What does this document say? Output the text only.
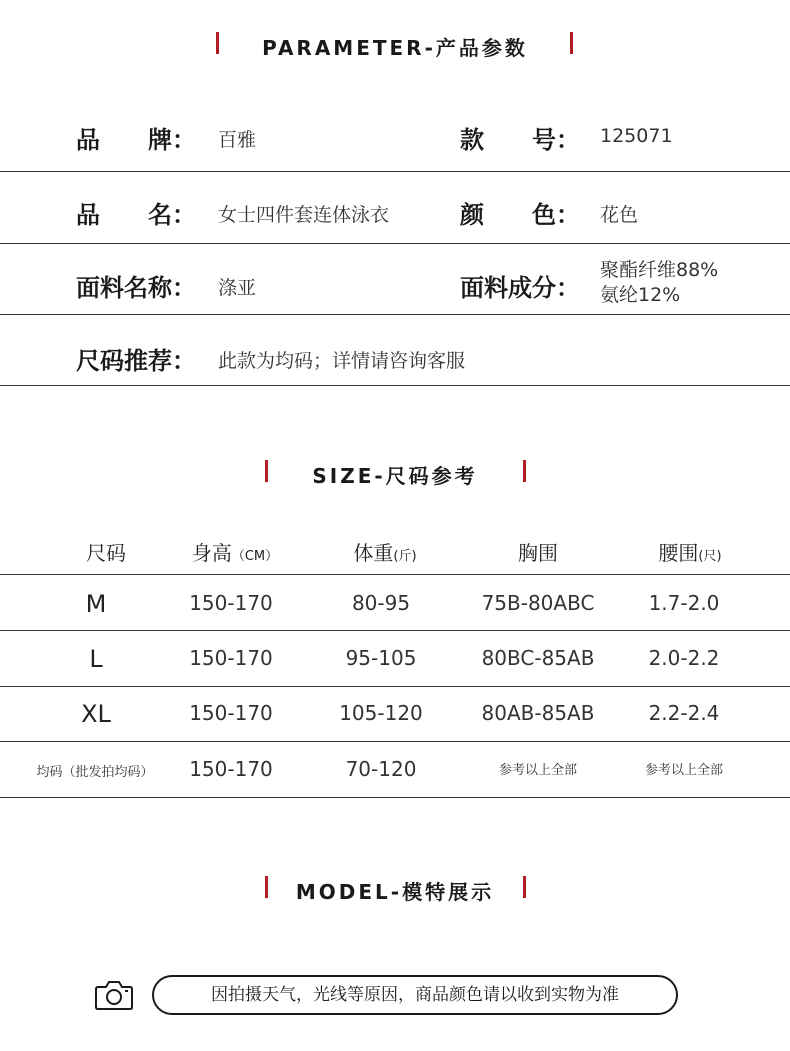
PARAMETER-产品参数
品　　牌： 百雅	款　　号： 125071
品　　名： 女士四件套连体泳衣	颜　　色： 花色
面料名称： 涤亚	面料成分：
聚酯纤维88%
氨纶12%
尺码推荐： 此款为均码；详情请咨询客服
SIZE-尺码参考
尺码	身高（CM）	体重(斤)	胸围	腰围(尺)
M	150-170	80-95	75B-80ABC	1.7-2.0
L	150-170	95-105	80BC-85AB	2.0-2.2
XL	150-170	105-120	80AB-85AB	2.2-2.4
均码（批发拍均码）	150-170	70-120	参考以上全部	参考以上全部
MODEL-模特展示
因拍摄天气，光线等原因，商品颜色请以收到实物为准
